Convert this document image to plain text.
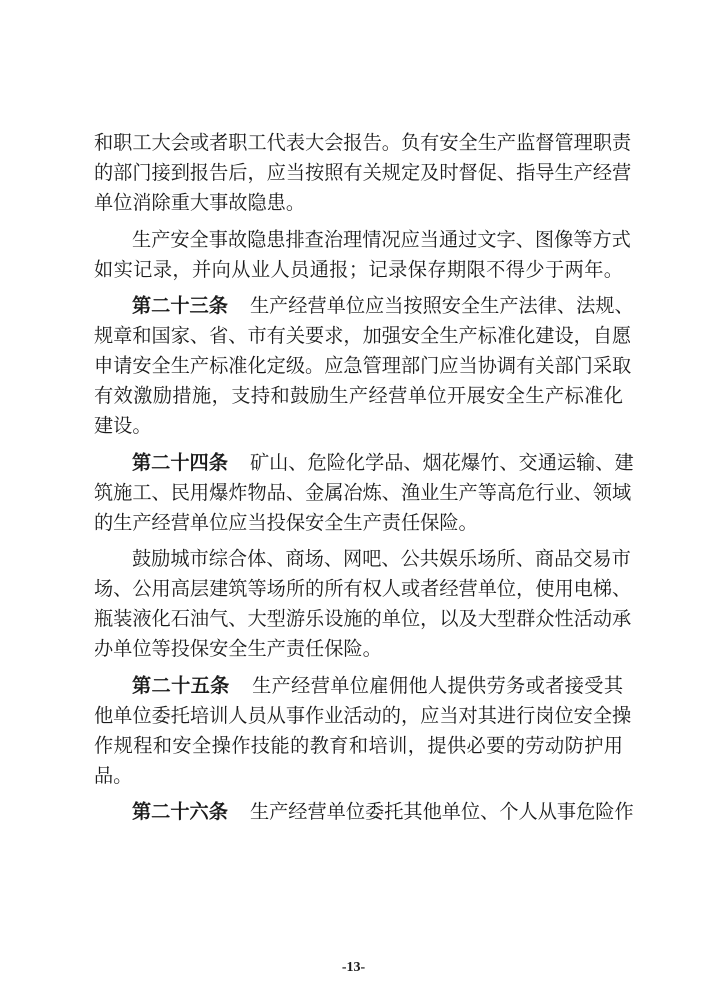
和职工大会或者职工代表大会报告。负有安全生产监督管理职责
的部门接到报告后，应当按照有关规定及时督促、指导生产经营
单位消除重大事故隐患。
生产安全事故隐患排查治理情况应当通过文字、图像等方式
如实记录，并向从业人员通报；记录保存期限不得少于两年。
第二十三条 生产经营单位应当按照安全生产法律、法规、
规章和国家、省、市有关要求，加强安全生产标准化建设，自愿
申请安全生产标准化定级。应急管理部门应当协调有关部门采取
有效激励措施，支持和鼓励生产经营单位开展安全生产标准化
建设。
第二十四条 矿山、危险化学品、烟花爆竹、交通运输、建
筑施工、民用爆炸物品、金属冶炼、渔业生产等高危行业、领域
的生产经营单位应当投保安全生产责任保险。
鼓励城市综合体、商场、网吧、公共娱乐场所、商品交易市
场、公用高层建筑等场所的所有权人或者经营单位，使用电梯、
瓶装液化石油气、大型游乐设施的单位，以及大型群众性活动承
办单位等投保安全生产责任保险。
第二十五条 生产经营单位雇佣他人提供劳务或者接受其
他单位委托培训人员从事作业活动的，应当对其进行岗位安全操
作规程和安全操作技能的教育和培训，提供必要的劳动防护用
品。
第二十六条 生产经营单位委托其他单位、个人从事危险作
-13-
